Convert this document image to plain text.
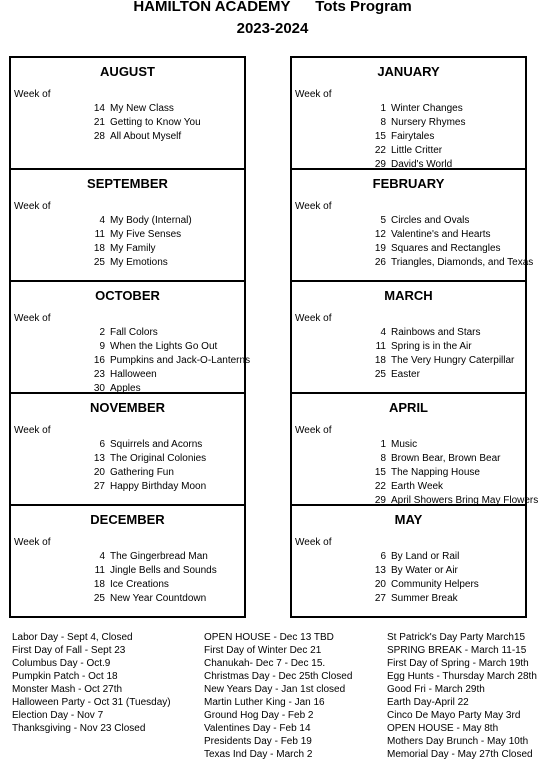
HAMILTON ACADEMY Tots Program
2023-2024
AUGUST
Week of
14 My New Class
21 Getting to Know You
28 All About Myself
SEPTEMBER
Week of
4 My Body (Internal)
11 My Five Senses
18 My Family
25 My Emotions
OCTOBER
Week of
2 Fall Colors
9 When the Lights Go Out
16 Pumpkins and Jack-O-Lanterns
23 Halloween
30 Apples
NOVEMBER
Week of
6 Squirrels and Acorns
13 The Original Colonies
20 Gathering Fun
27 Happy Birthday Moon
DECEMBER
Week of
4 The Gingerbread Man
11 Jingle Bells and Sounds
18 Ice Creations
25 New Year Countdown
JANUARY
Week of
1 Winter Changes
8 Nursery Rhymes
15 Fairytales
22 Little Critter
29 David's World
FEBRUARY
Week of
5 Circles and Ovals
12 Valentine's and Hearts
19 Squares and Rectangles
26 Triangles, Diamonds, and Texas
MARCH
Week of
4 Rainbows and Stars
11 Spring is in the Air
18 The Very Hungry Caterpillar
25 Easter
APRIL
Week of
1 Music
8 Brown Bear, Brown Bear
15 The Napping House
22 Earth Week
29 April Showers Bring May Flowers
MAY
Week of
6 By Land or Rail
13 By Water or Air
20 Community Helpers
27 Summer Break
Labor Day - Sept 4, Closed
First Day of Fall - Sept 23
Columbus Day - Oct.9
Pumpkin Patch - Oct 18
Monster Mash - Oct 27th
Halloween Party - Oct 31 (Tuesday)
Election Day - Nov 7
Thanksgiving - Nov 23 Closed
OPEN HOUSE - Dec 13 TBD
First Day of Winter Dec 21
Chanukah- Dec 7 - Dec 15.
Christmas Day - Dec 25th Closed
New Years Day - Jan 1st closed
Martin Luther King - Jan 16
Ground Hog Day - Feb 2
Valentines Day - Feb 14
Presidents Day - Feb 19
Texas Ind Day - March 2
St Patrick's Day Party March15
SPRING BREAK - March 11-15
First Day of Spring - March 19th
Egg Hunts - Thursday March 28th
Good Fri - March 29th
Earth Day-April 22
Cinco De Mayo Party May 3rd
OPEN HOUSE - May 8th
Mothers Day Brunch - May 10th
Memorial Day - May 27th Closed
